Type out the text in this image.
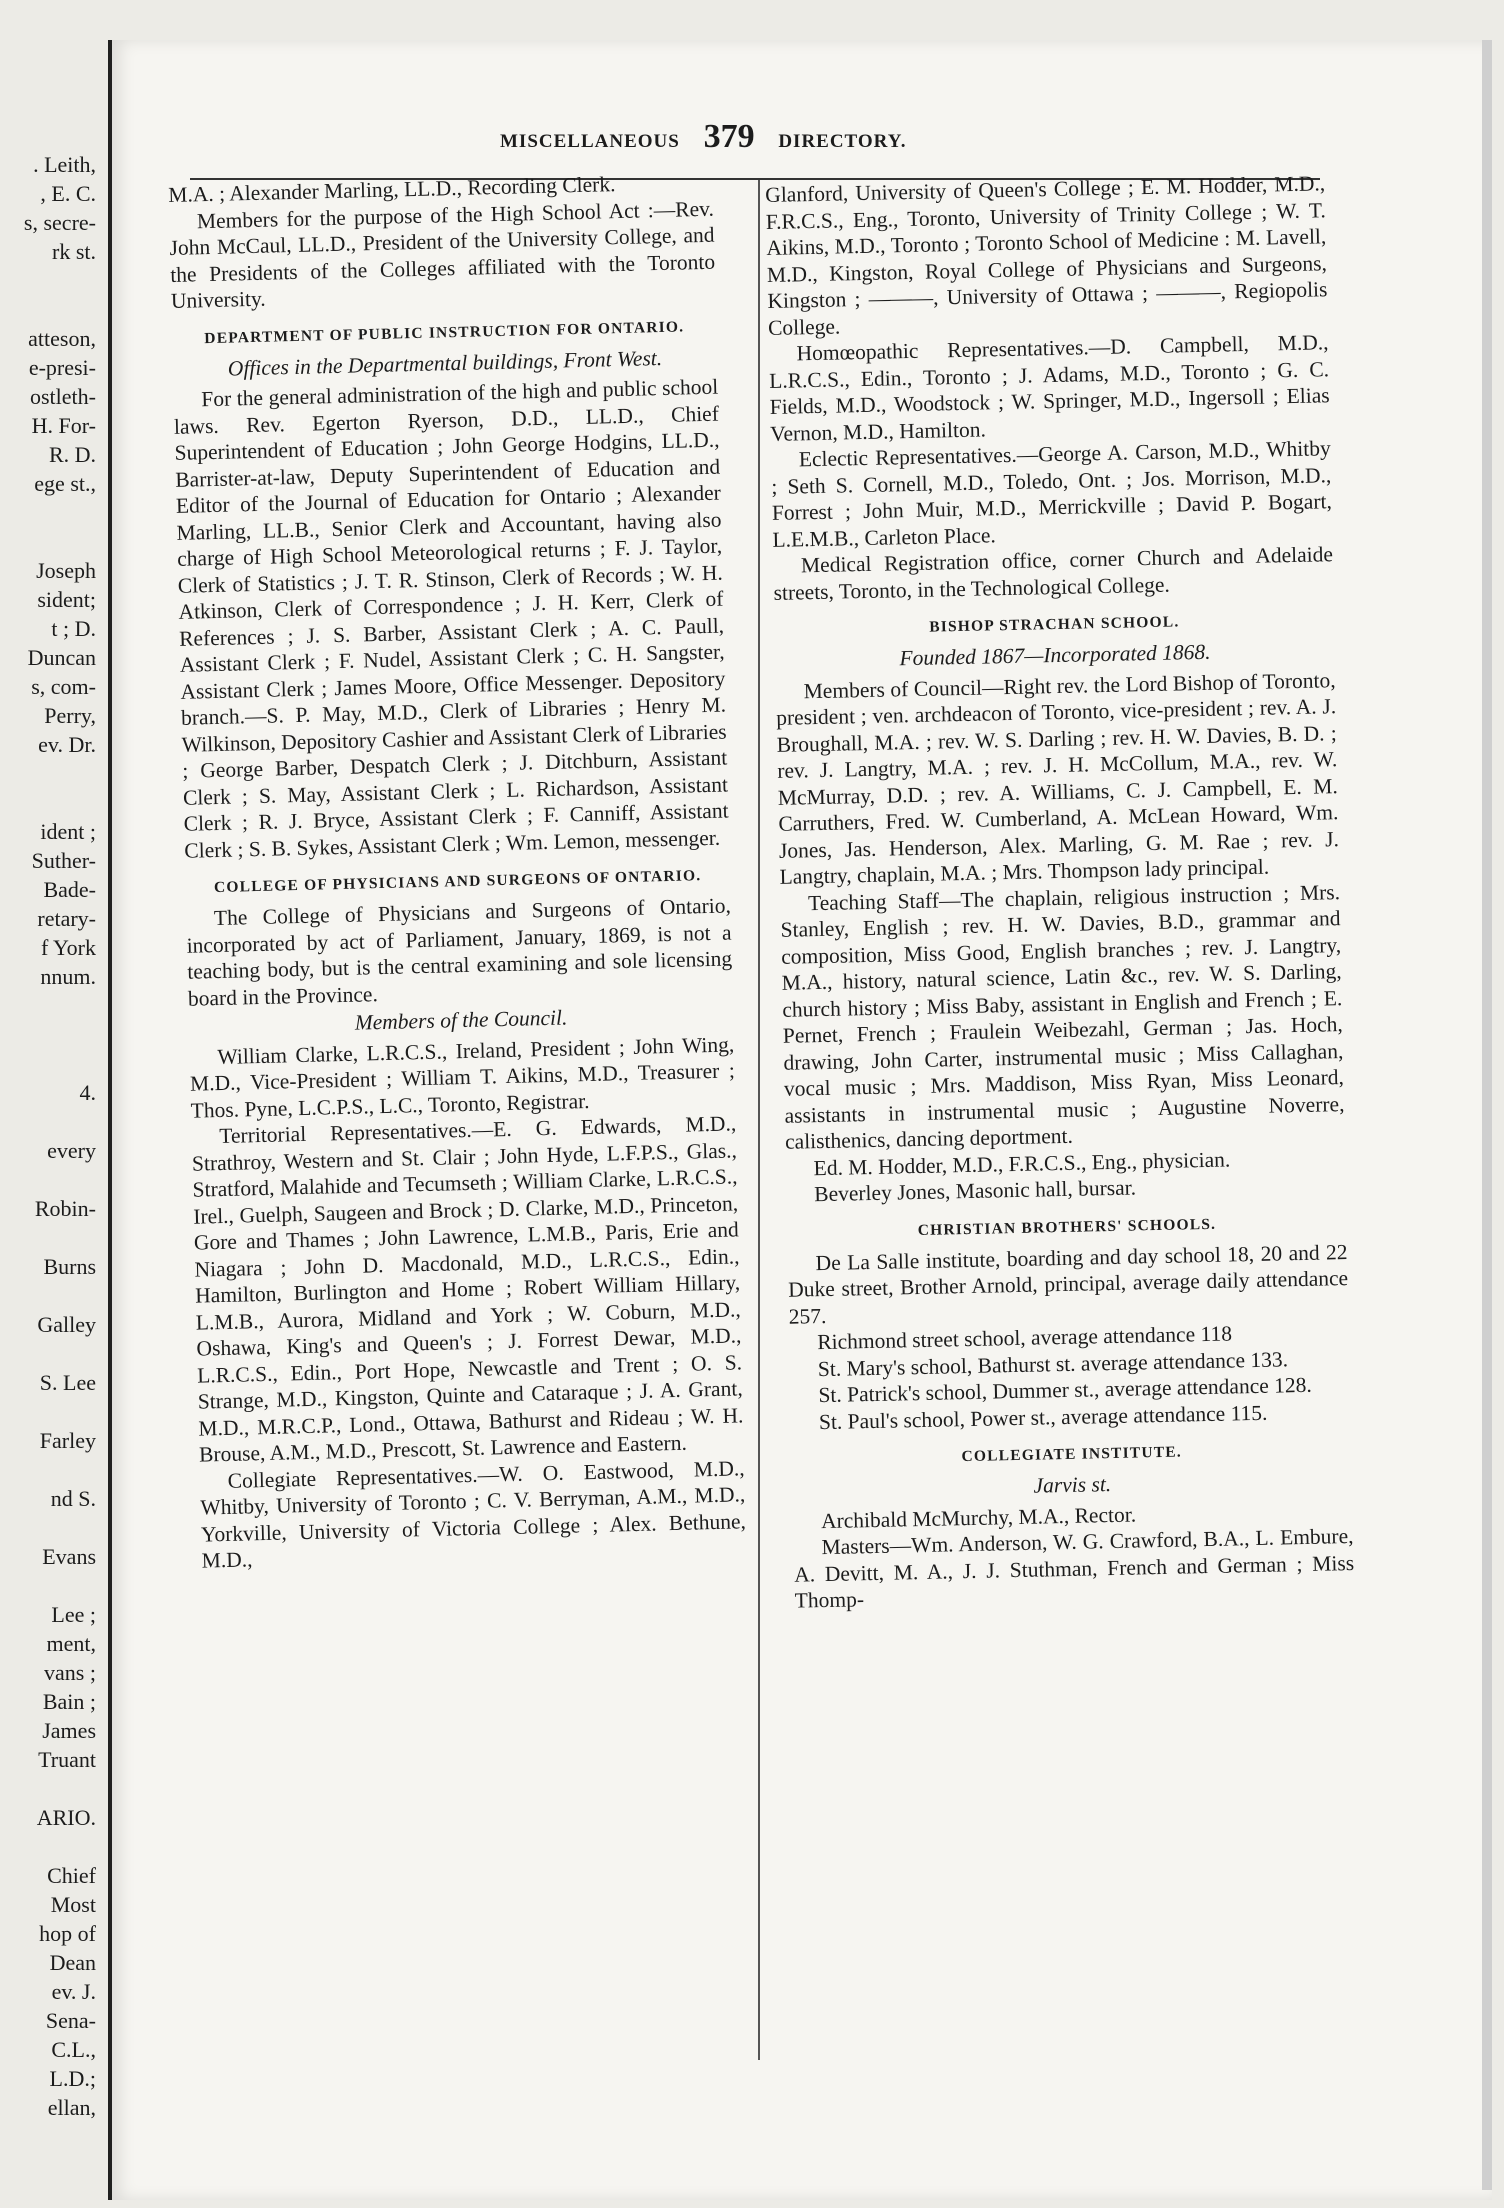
. Leith,
, E. C.
s, secre-
rk st.
atteson,
e-presi-
ostleth-
H. For-
R. D.
ege st.,
Joseph
sident;
t ; D.
Duncan
s, com-
Perry,
ev. Dr.
ident ;
Suther-
Bade-
retary-
f York
nnum.
4.
every
Robin-
Burns
Galley
S. Lee
Farley
nd S.
Evans
Lee ;
ment,
vans ;
Bain ;
James
Truant
ARIO.
Chief
Most
hop of
Dean
ev. J.
Sena-
C.L.,
L.D.;
ellan,
MISCELLANEOUS 379 DIRECTORY.

M.A. ; Alexander Marling, LL.D., Recording Clerk.

Members for the purpose of the High School Act :—Rev. John McCaul, LL.D., President of the University College, and the Presidents of the Colleges affiliated with the Toronto University.

DEPARTMENT OF PUBLIC INSTRUCTION FOR ONTARIO.
Offices in the Departmental buildings, Front West.

For the general administration of the high and public school laws. Rev. Egerton Ryerson, D.D., LL.D., Chief Superintendent of Education ; John George Hodgins, LL.D., Barrister-at-law, Deputy Superintendent of Education and Editor of the Journal of Education for Ontario ; Alexander Marling, LL.B., Senior Clerk and Accountant, having also charge of High School Meteorological returns ; F. J. Taylor, Clerk of Statistics ; J. T. R. Stinson, Clerk of Records ; W. H. Atkinson, Clerk of Correspondence ; J. H. Kerr, Clerk of References ; J. S. Barber, Assistant Clerk ; A. C. Paull, Assistant Clerk ; F. Nudel, Assistant Clerk ; C. H. Sangster, Assistant Clerk ; James Moore, Office Messenger. Depository branch.—S. P. May, M.D., Clerk of Libraries ; Henry M. Wilkinson, Depository Cashier and Assistant Clerk of Libraries ; George Barber, Despatch Clerk ; J. Ditchburn, Assistant Clerk ; S. May, Assistant Clerk ; L. Richardson, Assistant Clerk ; R. J. Bryce, Assistant Clerk ; F. Canniff, Assistant Clerk ; S. B. Sykes, Assistant Clerk ; Wm. Lemon, messenger.

COLLEGE OF PHYSICIANS AND SURGEONS OF ONTARIO.

The College of Physicians and Surgeons of Ontario, incorporated by act of Parliament, January, 1869, is not a teaching body, but is the central examining and sole licensing board in the Province.

Members of the Council.

William Clarke, L.R.C.S., Ireland, President ; John Wing, M.D., Vice-President ; William T. Aikins, M.D., Treasurer ; Thos. Pyne, L.C.P.S., L.C., Toronto, Registrar.

Territorial Representatives.—E. G. Edwards, M.D., Strathroy, Western and St. Clair ; John Hyde, L.F.P.S., Glas., Stratford, Malahide and Tecumseth ; William Clarke, L.R.C.S., Irel., Guelph, Saugeen and Brock ; D. Clarke, M.D., Princeton, Gore and Thames ; John Lawrence, L.M.B., Paris, Erie and Niagara ; John D. Macdonald, M.D., L.R.C.S., Edin., Hamilton, Burlington and Home ; Robert William Hillary, L.M.B., Aurora, Midland and York ; W. Coburn, M.D., Oshawa, King's and Queen's ; J. Forrest Dewar, M.D., L.R.C.S., Edin., Port Hope, Newcastle and Trent ; O. S. Strange, M.D., Kingston, Quinte and Cataraque ; J. A. Grant, M.D., M.R.C.P., Lond., Ottawa, Bathurst and Rideau ; W. H. Brouse, A.M., M.D., Prescott, St. Lawrence and Eastern.

Collegiate Representatives.—W. O. Eastwood, M.D., Whitby, University of Toronto ; C. V. Berryman, A.M., M.D., Yorkville, University of Victoria College ; Alex. Bethune, M.D.,

Glanford, University of Queen's College ; E. M. Hodder, M.D., F.R.C.S., Eng., Toronto, University of Trinity College ; W. T. Aikins, M.D., Toronto ; Toronto School of Medicine : M. Lavell, M.D., Kingston, Royal College of Physicians and Surgeons, Kingston ; ———, University of Ottawa ; ———, Regiopolis College.

Homœopathic Representatives.—D. Campbell, M.D., L.R.C.S., Edin., Toronto ; J. Adams, M.D., Toronto ; G. C. Fields, M.D., Woodstock ; W. Springer, M.D., Ingersoll ; Elias Vernon, M.D., Hamilton.

Eclectic Representatives.—George A. Carson, M.D., Whitby ; Seth S. Cornell, M.D., Toledo, Ont. ; Jos. Morrison, M.D., Forrest ; John Muir, M.D., Merrickville ; David P. Bogart, L.E.M.B., Carleton Place.

Medical Registration office, corner Church and Adelaide streets, Toronto, in the Technological College.

BISHOP STRACHAN SCHOOL.
Founded 1867—Incorporated 1868.

Members of Council—Right rev. the Lord Bishop of Toronto, president ; ven. archdeacon of Toronto, vice-president ; rev. A. J. Broughall, M.A. ; rev. W. S. Darling ; rev. H. W. Davies, B. D. ; rev. J. Langtry, M.A. ; rev. J. H. McCollum, M.A., rev. W. McMurray, D.D. ; rev. A. Williams, C. J. Campbell, E. M. Carruthers, Fred. W. Cumberland, A. McLean Howard, Wm. Jones, Jas. Henderson, Alex. Marling, G. M. Rae ; rev. J. Langtry, chaplain, M.A. ; Mrs. Thompson lady principal.

Teaching Staff—The chaplain, religious instruction ; Mrs. Stanley, English ; rev. H. W. Davies, B.D., grammar and composition, Miss Good, English branches ; rev. J. Langtry, M.A., history, natural science, Latin &c., rev. W. S. Darling, church history ; Miss Baby, assistant in English and French ; E. Pernet, French ; Fraulein Weibezahl, German ; Jas. Hoch, drawing, John Carter, instrumental music ; Miss Callaghan, vocal music ; Mrs. Maddison, Miss Ryan, Miss Leonard, assistants in instrumental music ; Augustine Noverre, calisthenics, dancing deportment.

Ed. M. Hodder, M.D., F.R.C.S., Eng., physician.

Beverley Jones, Masonic hall, bursar.

CHRISTIAN BROTHERS' SCHOOLS.

De La Salle institute, boarding and day school 18, 20 and 22 Duke street, Brother Arnold, principal, average daily attendance 257.

Richmond street school, average attendance 118

St. Mary's school, Bathurst st. average attendance 133.

St. Patrick's school, Dummer st., average attendance 128.

St. Paul's school, Power st., average attendance 115.

COLLEGIATE INSTITUTE.
Jarvis st.

Archibald McMurchy, M.A., Rector.

Masters—Wm. Anderson, W. G. Crawford, B.A., L. Embure, A. Devitt, M. A., J. J. Stuthman, French and German ; Miss Thomp-
